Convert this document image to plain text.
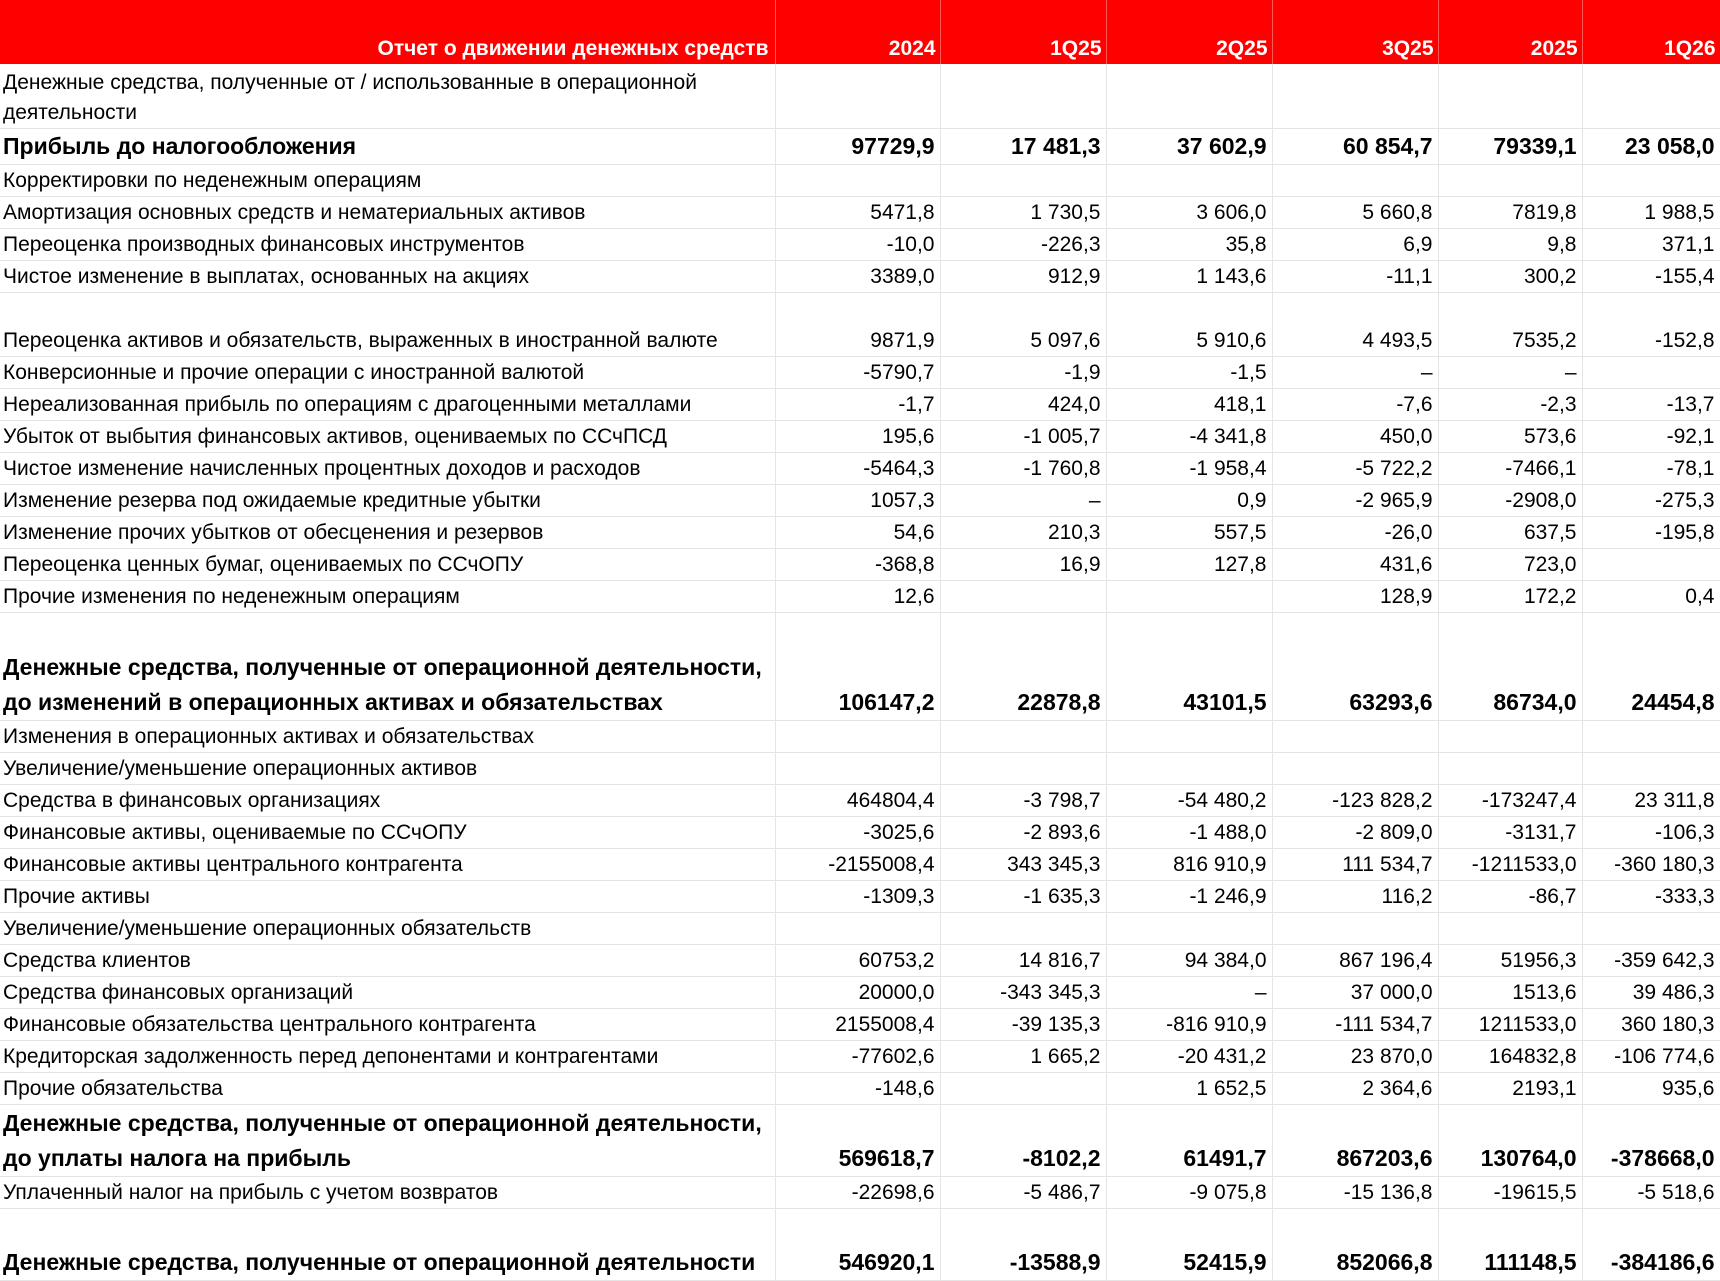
Отчет о движении денежных средств	2024	1Q25	2Q25	3Q25	2025	1Q26
Денежные средства, полученные от / использованные в операционной деятельности						
Прибыль до налогообложения	97729,9	17 481,3	37 602,9	60 854,7	79339,1	23 058,0
Корректировки по неденежным операциям						
Амортизация основных средств и нематериальных активов	5471,8	1 730,5	3 606,0	5 660,8	7819,8	1 988,5
Переоценка производных финансовых инструментов	-10,0	-226,3	35,8	6,9	9,8	371,1
Чистое изменение в выплатах, основанных на акциях	3389,0	912,9	1 143,6	-11,1	300,2	-155,4
Переоценка активов и обязательств, выраженных в иностранной валюте	9871,9	5 097,6	5 910,6	4 493,5	7535,2	-152,8
Конверсионные и прочие операции с иностранной валютой	-5790,7	-1,9	-1,5	–	–	
Нереализованная прибыль по операциям с драгоценными металлами	-1,7	424,0	418,1	-7,6	-2,3	-13,7
Убыток от выбытия финансовых активов, оцениваемых по ССчПСД	195,6	-1 005,7	-4 341,8	450,0	573,6	-92,1
Чистое изменение начисленных процентных доходов и расходов	-5464,3	-1 760,8	-1 958,4	-5 722,2	-7466,1	-78,1
Изменение резерва под ожидаемые кредитные убытки	1057,3	–	0,9	-2 965,9	-2908,0	-275,3
Изменение прочих убытков от обесценения и резервов	54,6	210,3	557,5	-26,0	637,5	-195,8
Переоценка ценных бумаг, оцениваемых по ССчОПУ	-368,8	16,9	127,8	431,6	723,0	
Прочие изменения по неденежным операциям	12,6			128,9	172,2	0,4
Денежные средства, полученные от операционной деятельности, до изменений в операционных активах и обязательствах	106147,2	22878,8	43101,5	63293,6	86734,0	24454,8
Изменения в операционных активах и обязательствах						
Увеличение/уменьшение операционных активов						
Средства в финансовых организациях	464804,4	-3 798,7	-54 480,2	-123 828,2	-173247,4	23 311,8
Финансовые активы, оцениваемые по ССчОПУ	-3025,6	-2 893,6	-1 488,0	-2 809,0	-3131,7	-106,3
Финансовые активы центрального контрагента	-2155008,4	343 345,3	816 910,9	111 534,7	-1211533,0	-360 180,3
Прочие активы	-1309,3	-1 635,3	-1 246,9	116,2	-86,7	-333,3
Увеличение/уменьшение операционных обязательств						
Средства клиентов	60753,2	14 816,7	94 384,0	867 196,4	51956,3	-359 642,3
Средства финансовых организаций	20000,0	-343 345,3	–	37 000,0	1513,6	39 486,3
Финансовые обязательства центрального контрагента	2155008,4	-39 135,3	-816 910,9	-111 534,7	1211533,0	360 180,3
Кредиторская задолженность перед депонентами и контрагентами	-77602,6	1 665,2	-20 431,2	23 870,0	164832,8	-106 774,6
Прочие обязательства	-148,6		1 652,5	2 364,6	2193,1	935,6
Денежные средства, полученные от операционной деятельности, до уплаты налога на прибыль	569618,7	-8102,2	61491,7	867203,6	130764,0	-378668,0
Уплаченный налог на прибыль с учетом возвратов	-22698,6	-5 486,7	-9 075,8	-15 136,8	-19615,5	-5 518,6
Денежные средства, полученные от операционной деятельности	546920,1	-13588,9	52415,9	852066,8	111148,5	-384186,6
